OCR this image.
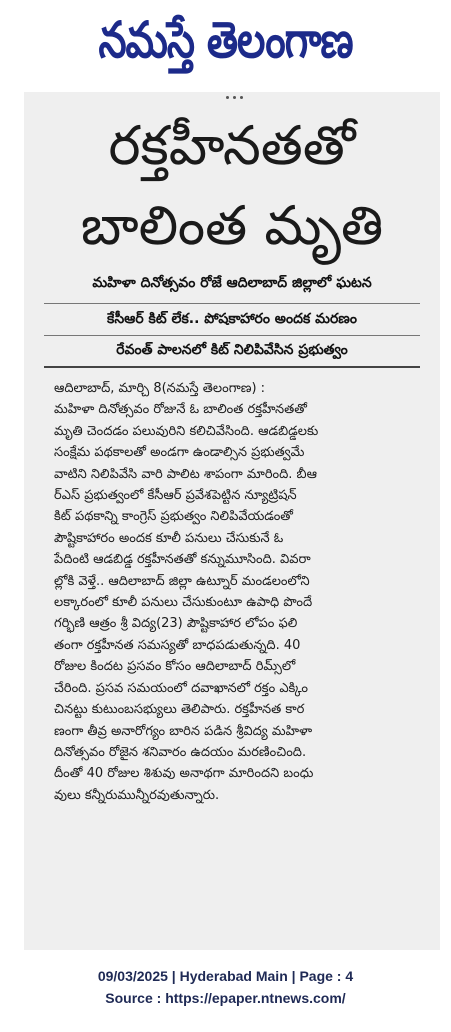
నమస్తే తెలంగాణ
రక్తహీనతతో
బాలింత మృతి
మహిళా దినోత్సవం రోజే ఆదిలాబాద్ జిల్లాలో ఘటన
కేసీఆర్ కిట్ లేక.. పోషకాహారం అందక మరణం
రేవంత్ పాలనలో కిట్ నిలిపివేసిన ప్రభుత్వం
ఆదిలాబాద్, మార్చి 8(నమస్తే తెలంగాణ) :
మహిళా దినోత్సవం రోజునే ఓ బాలింత రక్తహీనతతో
మృతి చెందడం పలువురిని కలిచివేసింది. ఆడబిడ్డలకు
సంక్షేమ పథకాలతో అండగా ఉండాల్సిన ప్రభుత్వమే
వాటిని నిలిపివేసి వారి పాలిట శాపంగా మారింది. బీఆ
ర్‌ఎస్ ప్రభుత్వంలో కేసీఆర్ ప్రవేశపెట్టిన న్యూట్రిషన్
కిట్ పథకాన్ని కాంగ్రెస్ ప్రభుత్వం నిలిపివేయడంతో
పౌష్టికాహారం అందక కూలీ పనులు చేసుకునే ఓ
పేదింటి ఆడబిడ్డ రక్తహీనతతో కన్నుమూసింది. వివరా
ల్లోకి వెళ్తే.. ఆదిలాబాద్ జిల్లా ఉట్నూర్ మండలంలోని
లక్కారంలో కూలీ పనులు చేసుకుంటూ ఉపాధి పొందే
గర్భిణి ఆత్రం శ్రీ విద్య(23) పౌష్టికాహార లోపం ఫలి
తంగా రక్తహీనత సమస్యతో బాధపడుతున్నది. 40
రోజుల కిందట ప్రసవం కోసం ఆదిలాబాద్ రిమ్స్‌లో
చేరింది. ప్రసవ సమయంలో దవాఖానలో రక్తం ఎక్కిం
చినట్టు కుటుంబసభ్యులు తెలిపారు. రక్తహీనత కార
ణంగా తీవ్ర అనారోగ్యం బారిన పడిన శ్రీవిద్య మహిళా
దినోత్సవం రోజైన శనివారం ఉదయం మరణించింది.
దీంతో 40 రోజుల శిశువు అనాథగా మారిందని బంధు
వులు కన్నీరుమున్నీరవుతున్నారు.
09/03/2025 | Hyderabad Main | Page : 4
Source : https://epaper.ntnews.com/
